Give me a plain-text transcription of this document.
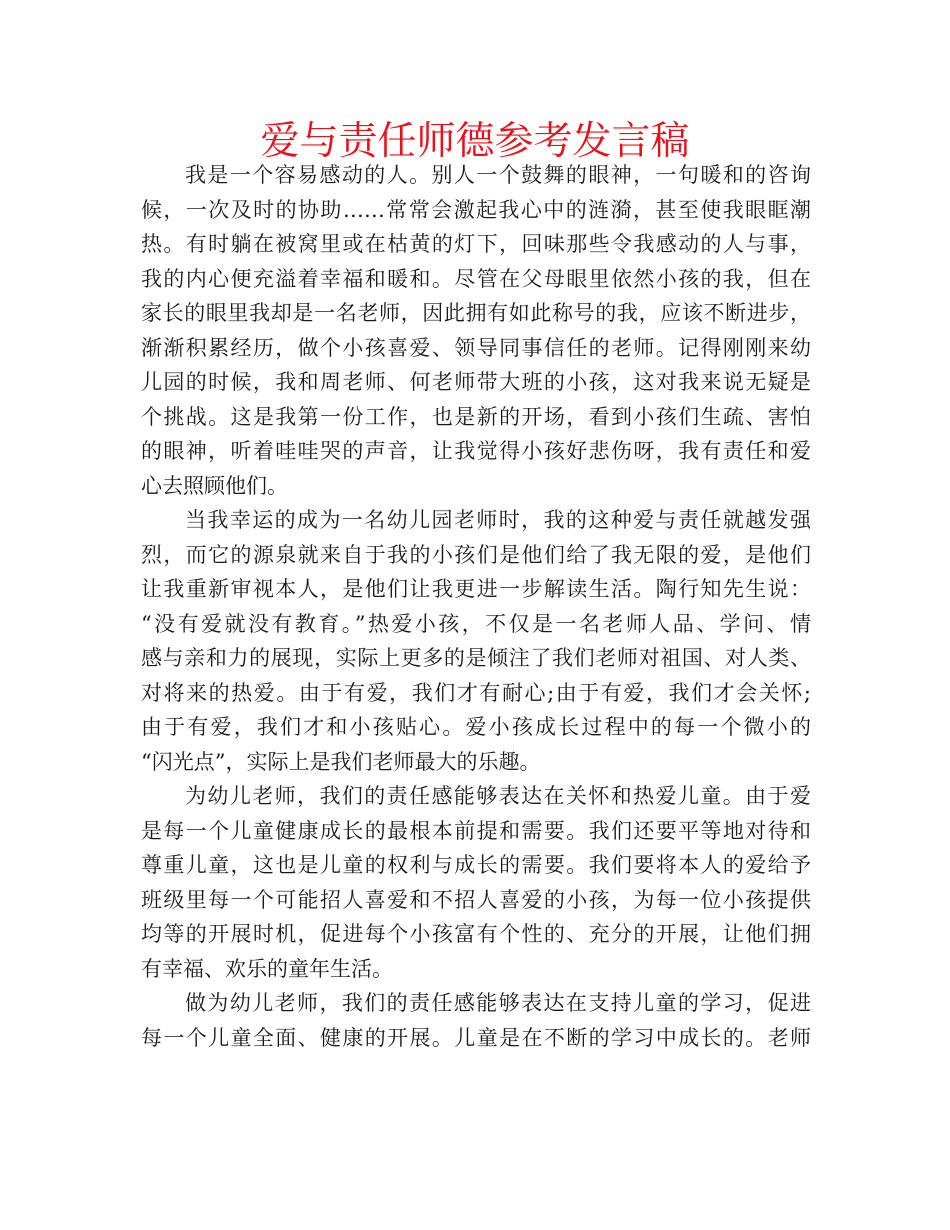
爱与责任师德参考发言稿
我是一个容易感动的人。别人一个鼓舞的眼神，一句暖和的咨询
候，一次及时的协助……常常会激起我心中的涟漪，甚至使我眼眶潮
热。有时躺在被窝里或在枯黄的灯下，回味那些令我感动的人与事，
我的内心便充溢着幸福和暖和。尽管在父母眼里依然小孩的我，但在
家长的眼里我却是一名老师，因此拥有如此称号的我，应该不断进步，
渐渐积累经历，做个小孩喜爱、领导同事信任的老师。记得刚刚来幼
儿园的时候，我和周老师、何老师带大班的小孩，这对我来说无疑是
个挑战。这是我第一份工作，也是新的开场，看到小孩们生疏、害怕
的眼神，听着哇哇哭的声音，让我觉得小孩好悲伤呀，我有责任和爱
心去照顾他们。
当我幸运的成为一名幼儿园老师时，我的这种爱与责任就越发强
烈，而它的源泉就来自于我的小孩们是他们给了我无限的爱，是他们
让我重新审视本人，是他们让我更进一步解读生活。陶行知先生说：
“没有爱就没有教育。”热爱小孩，不仅是一名老师人品、学问、情
感与亲和力的展现，实际上更多的是倾注了我们老师对祖国、对人类、
对将来的热爱。由于有爱，我们才有耐心;由于有爱，我们才会关怀;
由于有爱，我们才和小孩贴心。爱小孩成长过程中的每一个微小的
“闪光点”，实际上是我们老师最大的乐趣。
为幼儿老师，我们的责任感能够表达在关怀和热爱儿童。由于爱
是每一个儿童健康成长的最根本前提和需要。我们还要平等地对待和
尊重儿童，这也是儿童的权利与成长的需要。我们要将本人的爱给予
班级里每一个可能招人喜爱和不招人喜爱的小孩，为每一位小孩提供
均等的开展时机，促进每个小孩富有个性的、充分的开展，让他们拥
有幸福、欢乐的童年生活。
做为幼儿老师，我们的责任感能够表达在支持儿童的学习，促进
每一个儿童全面、健康的开展。儿童是在不断的学习中成长的。老师
